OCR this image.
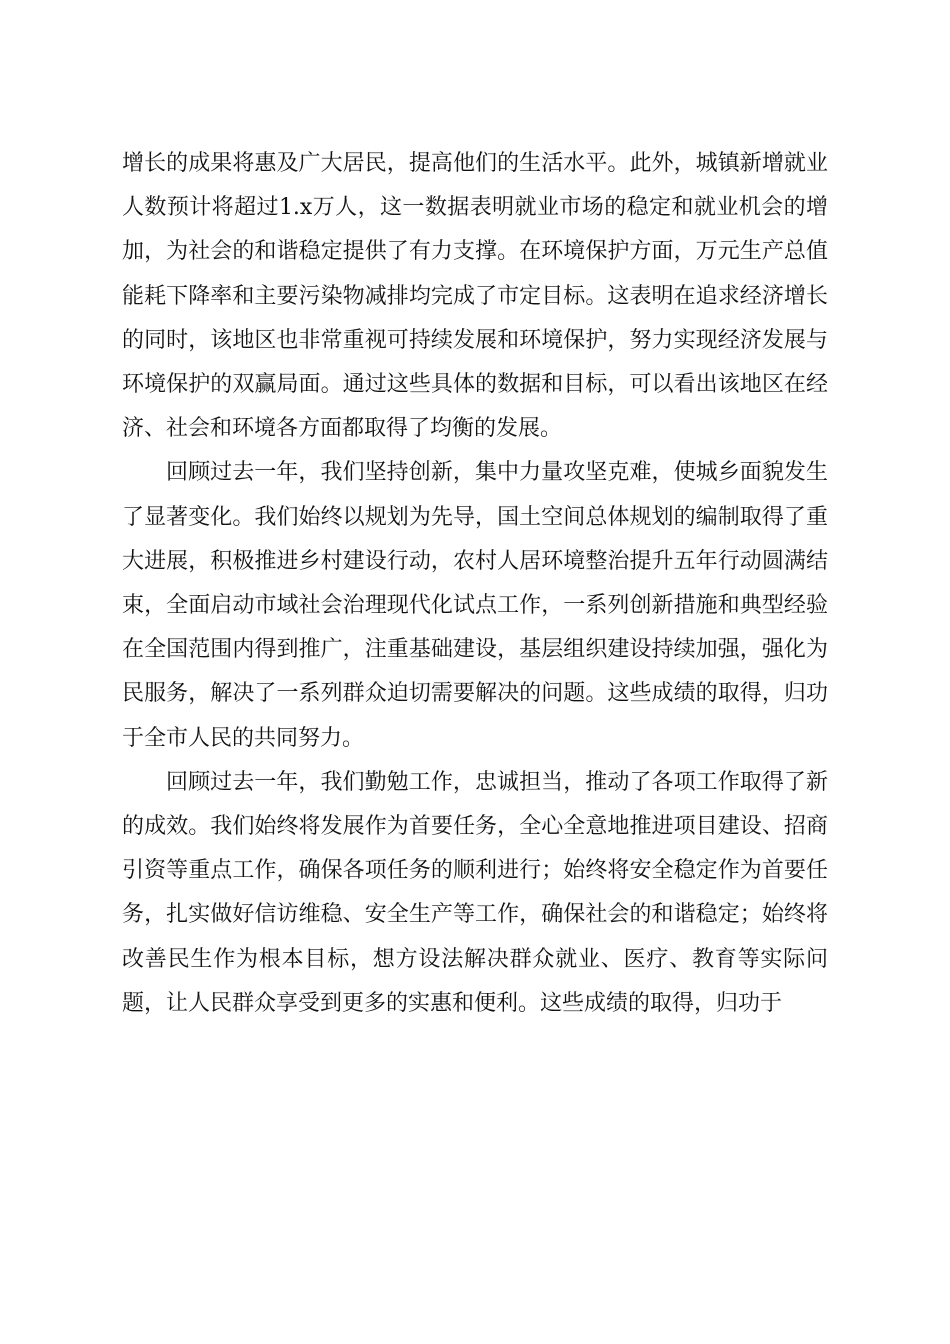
增长的成果将惠及广大居民，提高他们的生活水平。此外，城镇新增就业人数预计将超过1.x万人，这一数据表明就业市场的稳定和就业机会的增加，为社会的和谐稳定提供了有力支撑。在环境保护方面，万元生产总值能耗下降率和主要污染物减排均完成了市定目标。这表明在追求经济增长的同时，该地区也非常重视可持续发展和环境保护，努力实现经济发展与环境保护的双赢局面。通过这些具体的数据和目标，可以看出该地区在经济、社会和环境各方面都取得了均衡的发展。

回顾过去一年，我们坚持创新，集中力量攻坚克难，使城乡面貌发生了显著变化。我们始终以规划为先导，国土空间总体规划的编制取得了重大进展，积极推进乡村建设行动，农村人居环境整治提升五年行动圆满结束，全面启动市域社会治理现代化试点工作，一系列创新措施和典型经验在全国范围内得到推广，注重基础建设，基层组织建设持续加强，强化为民服务，解决了一系列群众迫切需要解决的问题。这些成绩的取得，归功于全市人民的共同努力。

回顾过去一年，我们勤勉工作，忠诚担当，推动了各项工作取得了新的成效。我们始终将发展作为首要任务，全心全意地推进项目建设、招商引资等重点工作，确保各项任务的顺利进行；始终将安全稳定作为首要任务，扎实做好信访维稳、安全生产等工作，确保社会的和谐稳定；始终将改善民生作为根本目标，想方设法解决群众就业、医疗、教育等实际问题，让人民群众享受到更多的实惠和便利。这些成绩的取得，归功于
